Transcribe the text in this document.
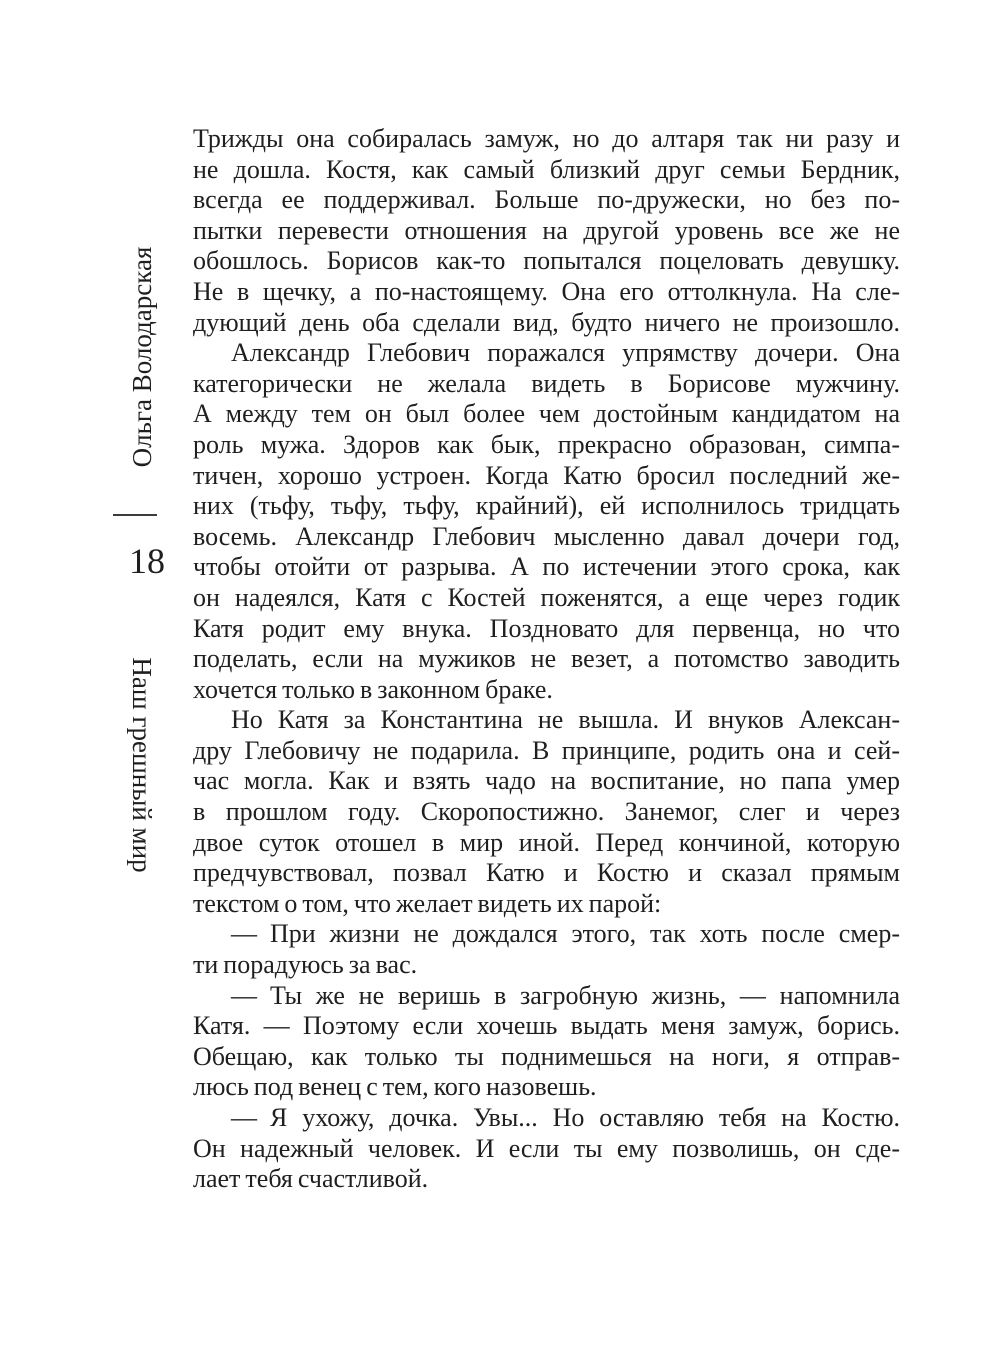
Ольга Володарская
18
Наш грешный мир
Трижды она собиралась замуж, но до алтаря так ни разу и
не дошла. Костя, как самый близкий друг семьи Бердник,
всегда ее поддерживал. Больше по-дружески, но без по-
пытки перевести отношения на другой уровень все же не
обошлось. Борисов как-то попытался поцеловать девушку.
Не в щечку, а по-настоящему. Она его оттолкнула. На сле-
дующий день оба сделали вид, будто ничего не произошло.
Александр Глебович поражался упрямству дочери. Она
категорически не желала видеть в Борисове мужчину.
А между тем он был более чем достойным кандидатом на
роль мужа. Здоров как бык, прекрасно образован, симпа-
тичен, хорошо устроен. Когда Катю бросил последний же-
них (тьфу, тьфу, тьфу, крайний), ей исполнилось тридцать
восемь. Александр Глебович мысленно давал дочери год,
чтобы отойти от разрыва. А по истечении этого срока, как
он надеялся, Катя с Костей поженятся, а еще через годик
Катя родит ему внука. Поздновато для первенца, но что
поделать, если на мужиков не везет, а потомство заводить
хочется только в законном браке.
Но Катя за Константина не вышла. И внуков Алексан-
дру Глебовичу не подарила. В принципе, родить она и сей-
час могла. Как и взять чадо на воспитание, но папа умер
в прошлом году. Скоропостижно. Занемог, слег и через
двое суток отошел в мир иной. Перед кончиной, которую
предчувствовал, позвал Катю и Костю и сказал прямым
текстом о том, что желает видеть их парой:
— При жизни не дождался этого, так хоть после смер-
ти порадуюсь за вас.
— Ты же не веришь в загробную жизнь, — напомнила
Катя. — Поэтому если хочешь выдать меня замуж, борись.
Обещаю, как только ты поднимешься на ноги, я отправ-
люсь под венец с тем, кого назовешь.
— Я ухожу, дочка. Увы... Но оставляю тебя на Костю.
Он надежный человек. И если ты ему позволишь, он сде-
лает тебя счастливой.
